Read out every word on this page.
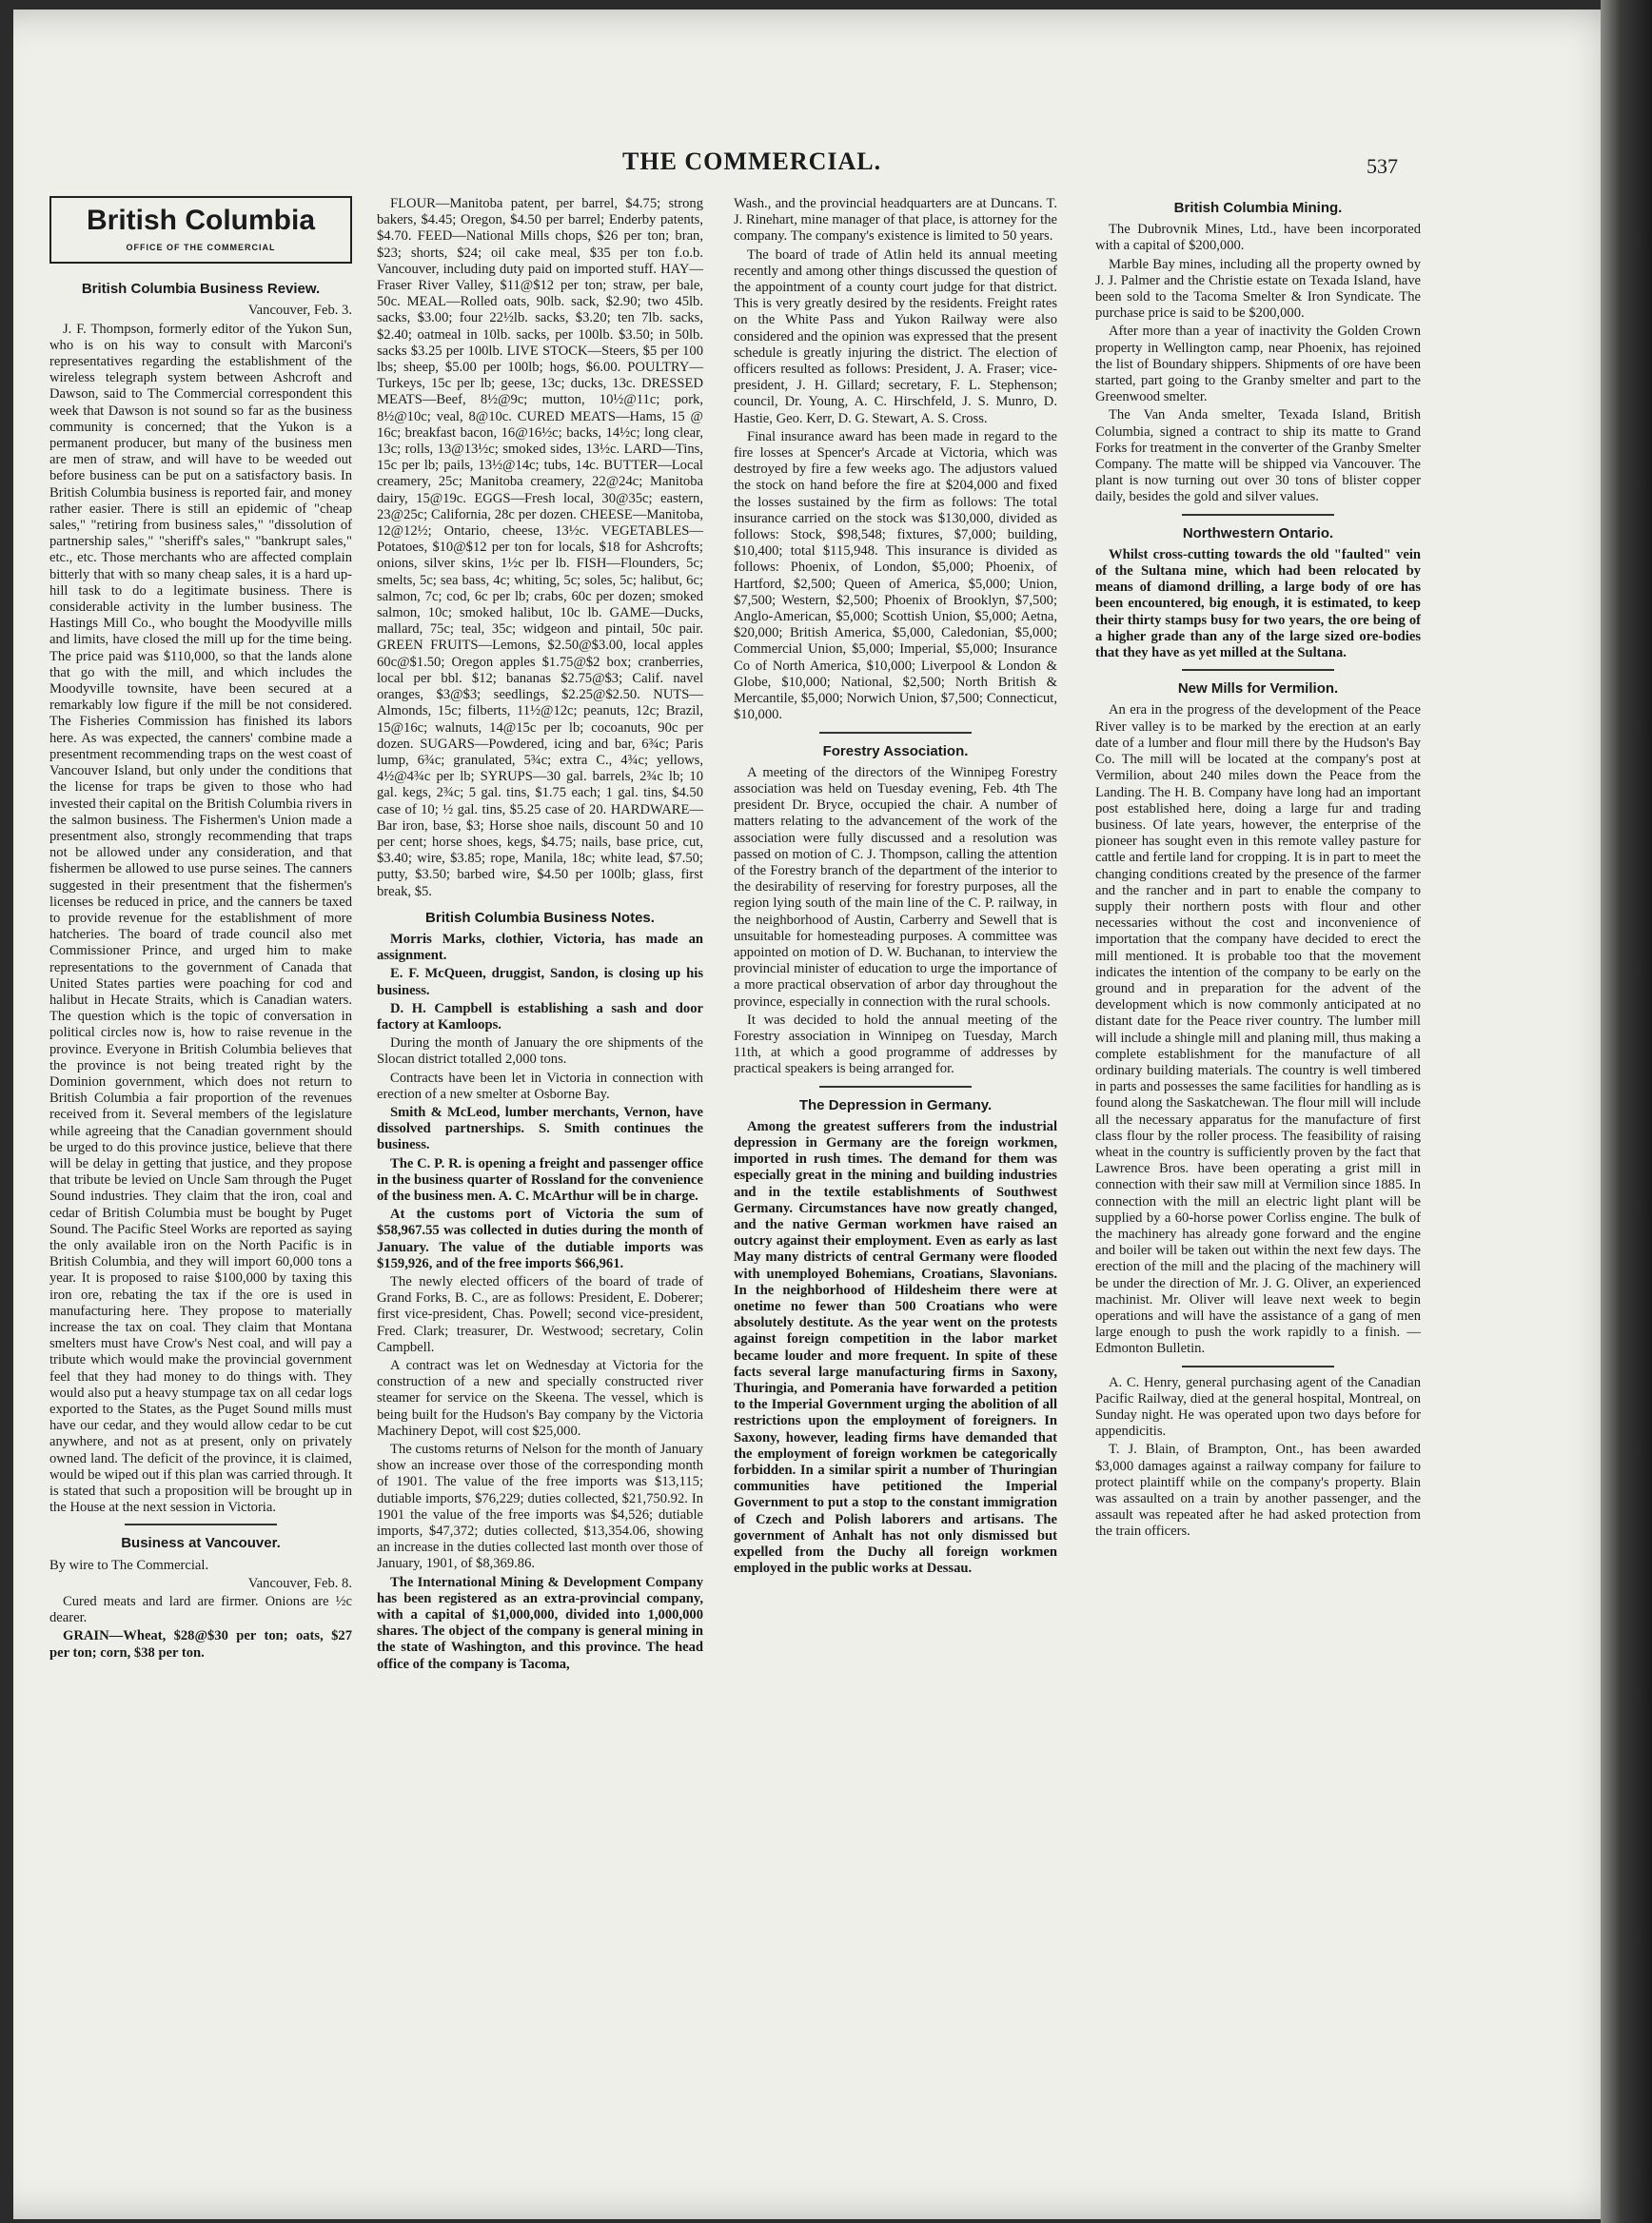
THE COMMERCIAL.	537
British Columbia
OFFICE OF THE COMMERCIAL
British Columbia Business Review.

Vancouver, Feb. 3.

J. F. Thompson, formerly editor of the Yukon Sun, who is on his way to consult with Marconi's representatives regarding the establishment of the wireless telegraph system between Ashcroft and Dawson, said to The Commercial correspondent this week that Dawson is not sound so far as the business community is concerned; that the Yukon is a permanent producer, but many of the business men are men of straw, and will have to be weeded out before business can be put on a satisfactory basis. In British Columbia business is reported fair, and money rather easier. There is still an epidemic of "cheap sales," "retiring from business sales," "dissolution of partnership sales," "sheriff's sales," "bankrupt sales," etc., etc. Those merchants who are affected complain bitterly that with so many cheap sales, it is a hard up-hill task to do a legitimate business. There is considerable activity in the lumber business. The Hastings Mill Co., who bought the Moodyville mills and limits, have closed the mill up for the time being. The price paid was $110,000, so that the lands alone that go with the mill, and which includes the Moodyville townsite, have been secured at a remarkably low figure if the mill be not considered. The Fisheries Commission has finished its labors here. As was expected, the canners' combine made a presentment recommending traps on the west coast of Vancouver Island, but only under the conditions that the license for traps be given to those who had invested their capital on the British Columbia rivers in the salmon business. The Fishermen's Union made a presentment also, strongly recommending that traps not be allowed under any consideration, and that fishermen be allowed to use purse seines. The canners suggested in their presentment that the fishermen's licenses be reduced in price, and the canners be taxed to provide revenue for the establishment of more hatcheries. The board of trade council also met Commissioner Prince, and urged him to make representations to the government of Canada that United States parties were poaching for cod and halibut in Hecate Straits, which is Canadian waters. The question which is the topic of conversation in political circles now is, how to raise revenue in the province. Everyone in British Columbia believes that the province is not being treated right by the Dominion government, which does not return to British Columbia a fair proportion of the revenues received from it. Several members of the legislature while agreeing that the Canadian government should be urged to do this province justice, believe that there will be delay in getting that justice, and they propose that tribute be levied on Uncle Sam through the Puget Sound industries. They claim that the iron, coal and cedar of British Columbia must be bought by Puget Sound. The Pacific Steel Works are reported as saying the only available iron on the North Pacific is in British Columbia, and they will import 60,000 tons a year. It is proposed to raise $100,000 by taxing this iron ore, rebating the tax if the ore is used in manufacturing here. They propose to materially increase the tax on coal. They claim that Montana smelters must have Crow's Nest coal, and will pay a tribute which would make the provincial government feel that they had money to do things with. They would also put a heavy stumpage tax on all cedar logs exported to the States, as the Puget Sound mills must have our cedar, and they would allow cedar to be cut anywhere, and not as at present, only on privately owned land. The deficit of the province, it is claimed, would be wiped out if this plan was carried through. It is stated that such a proposition will be brought up in the House at the next session in Victoria.

Business at Vancouver.

By wire to The Commercial.

Vancouver, Feb. 8.

Cured meats and lard are firmer. Onions are ½c dearer.

GRAIN—Wheat, $28@$30 per ton; oats, $27 per ton; corn, $38 per ton.

FLOUR—Manitoba patent, per barrel, $4.75; strong bakers, $4.45; Oregon, $4.50 per barrel; Enderby patents, $4.70. FEED—National Mills chops, $26 per ton; bran, $23; shorts, $24; oil cake meal, $35 per ton f.o.b. Vancouver, including duty paid on imported stuff. HAY—Fraser River Valley, $11@$12 per ton; straw, per bale, 50c. MEAL—Rolled oats, 90lb. sack, $2.90; two 45lb. sacks, $3.00; four 22½lb. sacks, $3.20; ten 7lb. sacks, $2.40; oatmeal in 10lb. sacks, per 100lb. $3.50; in 50lb. sacks $3.25 per 100lb. LIVE STOCK—Steers, $5 per 100 lbs; sheep, $5.00 per 100lb; hogs, $6.00. POULTRY—Turkeys, 15c per lb; geese, 13c; ducks, 13c. DRESSED MEATS—Beef, 8½@9c; mutton, 10½@11c; pork, 8½@10c; veal, 8@10c. CURED MEATS—Hams, 15 @ 16c; breakfast bacon, 16@16½c; backs, 14½c; long clear, 13c; rolls, 13@13½c; smoked sides, 13½c. LARD—Tins, 15c per lb; pails, 13½@14c; tubs, 14c. BUTTER—Local creamery, 25c; Manitoba creamery, 22@24c; Manitoba dairy, 15@19c. EGGS—Fresh local, 30@35c; eastern, 23@25c; California, 28c per dozen. CHEESE—Manitoba, 12@12½; Ontario, cheese, 13½c. VEGETABLES—Potatoes, $10@$12 per ton for locals, $18 for Ashcrofts; onions, silver skins, 1½c per lb. FISH—Flounders, 5c; smelts, 5c; sea bass, 4c; whiting, 5c; soles, 5c; halibut, 6c; salmon, 7c; cod, 6c per lb; crabs, 60c per dozen; smoked salmon, 10c; smoked halibut, 10c lb. GAME—Ducks, mallard, 75c; teal, 35c; widgeon and pintail, 50c pair. GREEN FRUITS—Lemons, $2.50@$3.00, local apples 60c@$1.50; Oregon apples $1.75@$2 box; cranberries, local per bbl. $12; bananas $2.75@$3; Calif. navel oranges, $3@$3; seedlings, $2.25@$2.50. NUTS—Almonds, 15c; filberts, 11½@12c; peanuts, 12c; Brazil, 15@16c; walnuts, 14@15c per lb; cocoanuts, 90c per dozen. SUGARS—Powdered, icing and bar, 6¾c; Paris lump, 6¾c; granulated, 5¾c; extra C., 4¾c; yellows, 4½@4¾c per lb; SYRUPS—30 gal. barrels, 2¾c lb; 10 gal. kegs, 2¾c; 5 gal. tins, $1.75 each; 1 gal. tins, $4.50 case of 10; ½ gal. tins, $5.25 case of 20. HARDWARE—Bar iron, base, $3; Horse shoe nails, discount 50 and 10 per cent; horse shoes, kegs, $4.75; nails, base price, cut, $3.40; wire, $3.85; rope, Manila, 18c; white lead, $7.50; putty, $3.50; barbed wire, $4.50 per 100lb; glass, first break, $5.

British Columbia Business Notes.

Morris Marks, clothier, Victoria, has made an assignment.

E. F. McQueen, druggist, Sandon, is closing up his business.

D. H. Campbell is establishing a sash and door factory at Kamloops.

During the month of January the ore shipments of the Slocan district totalled 2,000 tons.

Contracts have been let in Victoria in connection with erection of a new smelter at Osborne Bay.

Smith & McLeod, lumber merchants, Vernon, have dissolved partnerships. S. Smith continues the business.

The C. P. R. is opening a freight and passenger office in the business quarter of Rossland for the convenience of the business men. A. C. McArthur will be in charge.

At the customs port of Victoria the sum of $58,967.55 was collected in duties during the month of January. The value of the dutiable imports was $159,926, and of the free imports $66,961.

The newly elected officers of the board of trade of Grand Forks, B. C., are as follows: President, E. Doberer; first vice-president, Chas. Powell; second vice-president, Fred. Clark; treasurer, Dr. Westwood; secretary, Colin Campbell.

A contract was let on Wednesday at Victoria for the construction of a new and specially constructed river steamer for service on the Skeena. The vessel, which is being built for the Hudson's Bay company by the Victoria Machinery Depot, will cost $25,000.

The customs returns of Nelson for the month of January show an increase over those of the corresponding month of 1901. The value of the free imports was $13,115; dutiable imports, $76,229; duties collected, $21,750.92. In 1901 the value of the free imports was $4,526; dutiable imports, $47,372; duties collected, $13,354.06, showing an increase in the duties collected last month over those of January, 1901, of $8,369.86.

The International Mining & Development Company has been registered as an extra-provincial company, with a capital of $1,000,000, divided into 1,000,000 shares. The object of the company is general mining in the state of Washington, and this province. The head office of the company is Tacoma,

Wash., and the provincial headquarters are at Duncans. T. J. Rinehart, mine manager of that place, is attorney for the company. The company's existence is limited to 50 years.

The board of trade of Atlin held its annual meeting recently and among other things discussed the question of the appointment of a county court judge for that district. This is very greatly desired by the residents. Freight rates on the White Pass and Yukon Railway were also considered and the opinion was expressed that the present schedule is greatly injuring the district. The election of officers resulted as follows: President, J. A. Fraser; vice-president, J. H. Gillard; secretary, F. L. Stephenson; council, Dr. Young, A. C. Hirschfeld, J. S. Munro, D. Hastie, Geo. Kerr, D. G. Stewart, A. S. Cross.

Final insurance award has been made in regard to the fire losses at Spencer's Arcade at Victoria, which was destroyed by fire a few weeks ago. The adjustors valued the stock on hand before the fire at $204,000 and fixed the losses sustained by the firm as follows: The total insurance carried on the stock was $130,000, divided as follows: Stock, $98,548; fixtures, $7,000; building, $10,400; total $115,948. This insurance is divided as follows: Phoenix, of London, $5,000; Phoenix, of Hartford, $2,500; Queen of America, $5,000; Union, $7,500; Western, $2,500; Phoenix of Brooklyn, $7,500; Anglo-American, $5,000; Scottish Union, $5,000; Aetna, $20,000; British America, $5,000, Caledonian, $5,000; Commercial Union, $5,000; Imperial, $5,000; Insurance Co of North America, $10,000; Liverpool & London & Globe, $10,000; National, $2,500; North British & Mercantile, $5,000; Norwich Union, $7,500; Connecticut, $10,000.

Forestry Association.

A meeting of the directors of the Winnipeg Forestry association was held on Tuesday evening, Feb. 4th The president Dr. Bryce, occupied the chair. A number of matters relating to the advancement of the work of the association were fully discussed and a resolution was passed on motion of C. J. Thompson, calling the attention of the Forestry branch of the department of the interior to the desirability of reserving for forestry purposes, all the region lying south of the main line of the C. P. railway, in the neighborhood of Austin, Carberry and Sewell that is unsuitable for homesteading purposes. A committee was appointed on motion of D. W. Buchanan, to interview the provincial minister of education to urge the importance of a more practical observation of arbor day throughout the province, especially in connection with the rural schools.

It was decided to hold the annual meeting of the Forestry association in Winnipeg on Tuesday, March 11th, at which a good programme of addresses by practical speakers is being arranged for.

The Depression in Germany.

Among the greatest sufferers from the industrial depression in Germany are the foreign workmen, imported in rush times. The demand for them was especially great in the mining and building industries and in the textile establishments of Southwest Germany. Circumstances have now greatly changed, and the native German workmen have raised an outcry against their employment. Even as early as last May many districts of central Germany were flooded with unemployed Bohemians, Croatians, Slavonians. In the neighborhood of Hildesheim there were at onetime no fewer than 500 Croatians who were absolutely destitute. As the year went on the protests against foreign competition in the labor market became louder and more frequent. In spite of these facts several large manufacturing firms in Saxony, Thuringia, and Pomerania have forwarded a petition to the Imperial Government urging the abolition of all restrictions upon the employment of foreigners. In Saxony, however, leading firms have demanded that the employment of foreign workmen be categorically forbidden. In a similar spirit a number of Thuringian communities have petitioned the Imperial Government to put a stop to the constant immigration of Czech and Polish laborers and artisans. The government of Anhalt has not only dismissed but expelled from the Duchy all foreign workmen employed in the public works at Dessau.

British Columbia Mining.

The Dubrovnik Mines, Ltd., have been incorporated with a capital of $200,000.

Marble Bay mines, including all the property owned by J. J. Palmer and the Christie estate on Texada Island, have been sold to the Tacoma Smelter & Iron Syndicate. The purchase price is said to be $200,000.

After more than a year of inactivity the Golden Crown property in Wellington camp, near Phoenix, has rejoined the list of Boundary shippers. Shipments of ore have been started, part going to the Granby smelter and part to the Greenwood smelter.

The Van Anda smelter, Texada Island, British Columbia, signed a contract to ship its matte to Grand Forks for treatment in the converter of the Granby Smelter Company. The matte will be shipped via Vancouver. The plant is now turning out over 30 tons of blister copper daily, besides the gold and silver values.

Northwestern Ontario.

Whilst cross-cutting towards the old "faulted" vein of the Sultana mine, which had been relocated by means of diamond drilling, a large body of ore has been encountered, big enough, it is estimated, to keep their thirty stamps busy for two years, the ore being of a higher grade than any of the large sized ore-bodies that they have as yet milled at the Sultana.

New Mills for Vermilion.

An era in the progress of the development of the Peace River valley is to be marked by the erection at an early date of a lumber and flour mill there by the Hudson's Bay Co. The mill will be located at the company's post at Vermilion, about 240 miles down the Peace from the Landing. The H. B. Company have long had an important post established here, doing a large fur and trading business. Of late years, however, the enterprise of the pioneer has sought even in this remote valley pasture for cattle and fertile land for cropping. It is in part to meet the changing conditions created by the presence of the farmer and the rancher and in part to enable the company to supply their northern posts with flour and other necessaries without the cost and inconvenience of importation that the company have decided to erect the mill mentioned. It is probable too that the movement indicates the intention of the company to be early on the ground and in preparation for the advent of the development which is now commonly anticipated at no distant date for the Peace river country. The lumber mill will include a shingle mill and planing mill, thus making a complete establishment for the manufacture of all ordinary building materials. The country is well timbered in parts and possesses the same facilities for handling as is found along the Saskatchewan. The flour mill will include all the necessary apparatus for the manufacture of first class flour by the roller process. The feasibility of raising wheat in the country is sufficiently proven by the fact that Lawrence Bros. have been operating a grist mill in connection with their saw mill at Vermilion since 1885. In connection with the mill an electric light plant will be supplied by a 60-horse power Corliss engine. The bulk of the machinery has already gone forward and the engine and boiler will be taken out within the next few days. The erection of the mill and the placing of the machinery will be under the direction of Mr. J. G. Oliver, an experienced machinist. Mr. Oliver will leave next week to begin operations and will have the assistance of a gang of men large enough to push the work rapidly to a finish. —Edmonton Bulletin.

A. C. Henry, general purchasing agent of the Canadian Pacific Railway, died at the general hospital, Montreal, on Sunday night. He was operated upon two days before for appendicitis.

T. J. Blain, of Brampton, Ont., has been awarded $3,000 damages against a railway company for failure to protect plaintiff while on the company's property. Blain was assaulted on a train by another passenger, and the assault was repeated after he had asked protection from the train officers.
